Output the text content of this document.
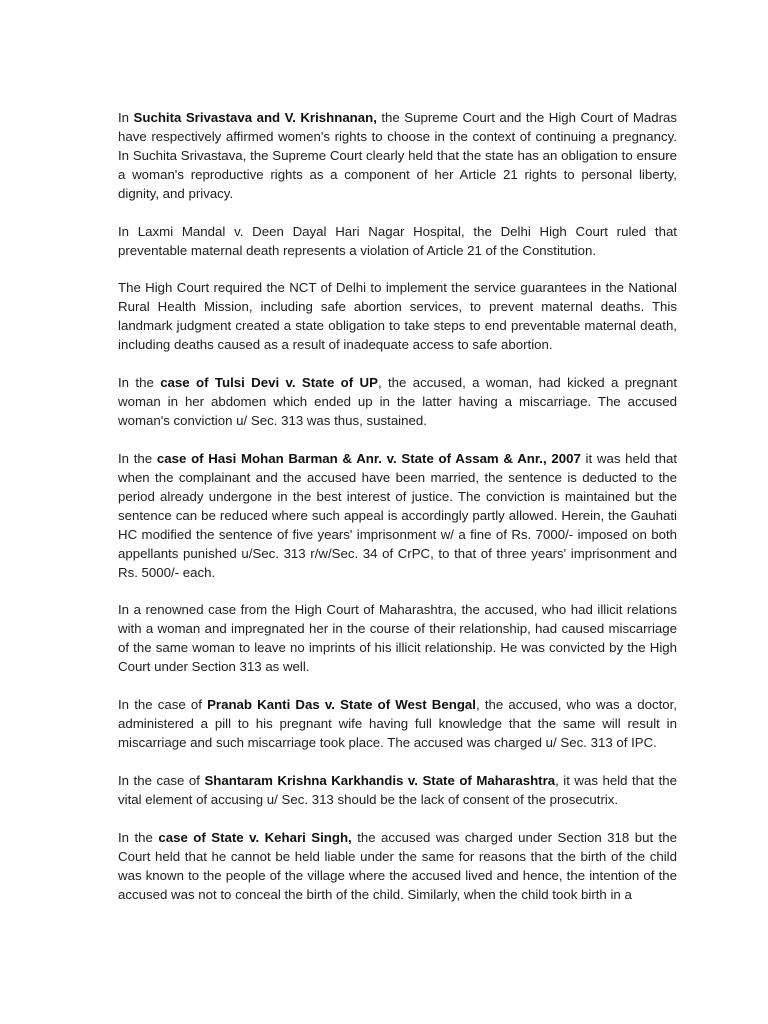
In Suchita Srivastava and V. Krishnanan, the Supreme Court and the High Court of Madras have respectively affirmed women's rights to choose in the context of continuing a pregnancy. In Suchita Srivastava, the Supreme Court clearly held that the state has an obligation to ensure a woman's reproductive rights as a component of her Article 21 rights to personal liberty, dignity, and privacy.

In Laxmi Mandal v. Deen Dayal Hari Nagar Hospital, the Delhi High Court ruled that preventable maternal death represents a violation of Article 21 of the Constitution.

The High Court required the NCT of Delhi to implement the service guarantees in the National Rural Health Mission, including safe abortion services, to prevent maternal deaths. This landmark judgment created a state obligation to take steps to end preventable maternal death, including deaths caused as a result of inadequate access to safe abortion.

In the case of Tulsi Devi v. State of UP, the accused, a woman, had kicked a pregnant woman in her abdomen which ended up in the latter having a miscarriage. The accused woman's conviction u/ Sec. 313 was thus, sustained.

In the case of Hasi Mohan Barman & Anr. v. State of Assam & Anr., 2007 it was held that when the complainant and the accused have been married, the sentence is deducted to the period already undergone in the best interest of justice. The conviction is maintained but the sentence can be reduced where such appeal is accordingly partly allowed. Herein, the Gauhati HC modified the sentence of five years' imprisonment w/ a fine of Rs. 7000/- imposed on both appellants punished u/Sec. 313 r/w/Sec. 34 of CrPC, to that of three years' imprisonment and Rs. 5000/- each.

In a renowned case from the High Court of Maharashtra, the accused, who had illicit relations with a woman and impregnated her in the course of their relationship, had caused miscarriage of the same woman to leave no imprints of his illicit relationship. He was convicted by the High Court under Section 313 as well.

In the case of Pranab Kanti Das v. State of West Bengal, the accused, who was a doctor, administered a pill to his pregnant wife having full knowledge that the same will result in miscarriage and such miscarriage took place. The accused was charged u/ Sec. 313 of IPC.

In the case of Shantaram Krishna Karkhandis v. State of Maharashtra, it was held that the vital element of accusing u/ Sec. 313 should be the lack of consent of the prosecutrix.

In the case of State v. Kehari Singh, the accused was charged under Section 318 but the Court held that he cannot be held liable under the same for reasons that the birth of the child was known to the people of the village where the accused lived and hence, the intention of the accused was not to conceal the birth of the child. Similarly, when the child took birth in a
